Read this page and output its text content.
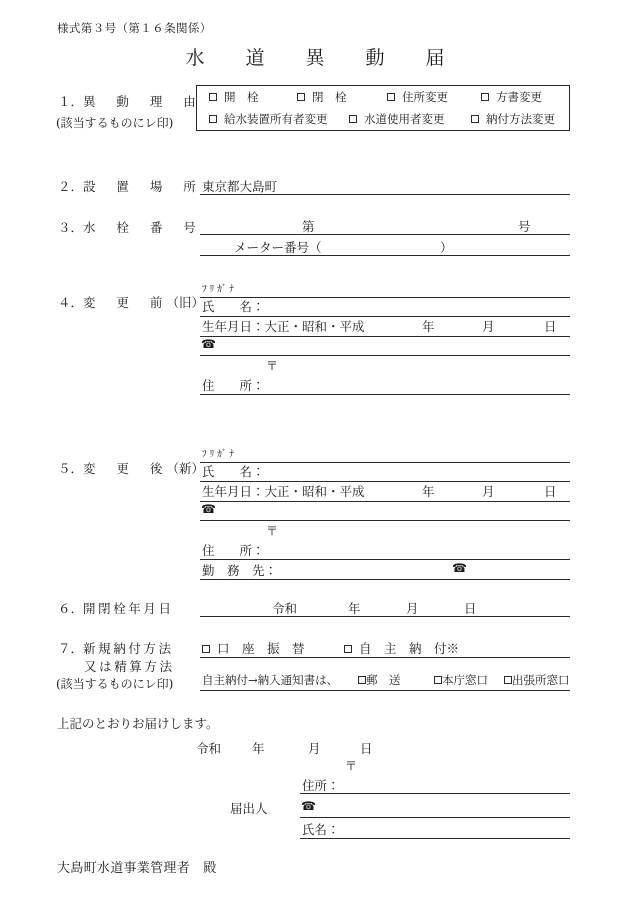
様式第３号（第１６条関係）
水　道　異　動　届
１．異　動　理　由
(該当するものにレ印)
開　栓	閉　栓	住所変更	方書変更
給水装置所有者変更	水道使用者変更	納付方法変更
２．設　置　場　所 東京都大島町
３．水　栓　番　号	第	号
メーター番号（	）
４．変　更　前（旧）
ﾌﾘｶﾞﾅ
氏　　名：
生年月日：大正・昭和・平成	年	月	日
☎
〒
住　　所：
５．変　更　後（新）
ﾌﾘｶﾞﾅ
氏　　名：
生年月日：大正・昭和・平成	年	月	日
☎
〒
住　　所：
勤　務　先：	☎
６．開閉栓年月日	令和	年	月	日
７．新規納付方法
又は精算方法
(該当するものにレ印)
口　座　振　替	自　主　納　付※
自主納付→納入通知書は、	郵　送	本庁窓口	出張所窓口
上記のとおりお届けします。
令和 年	月	日
〒
住所：
届出人	☎
氏名：
大島町水道事業管理者　殿
